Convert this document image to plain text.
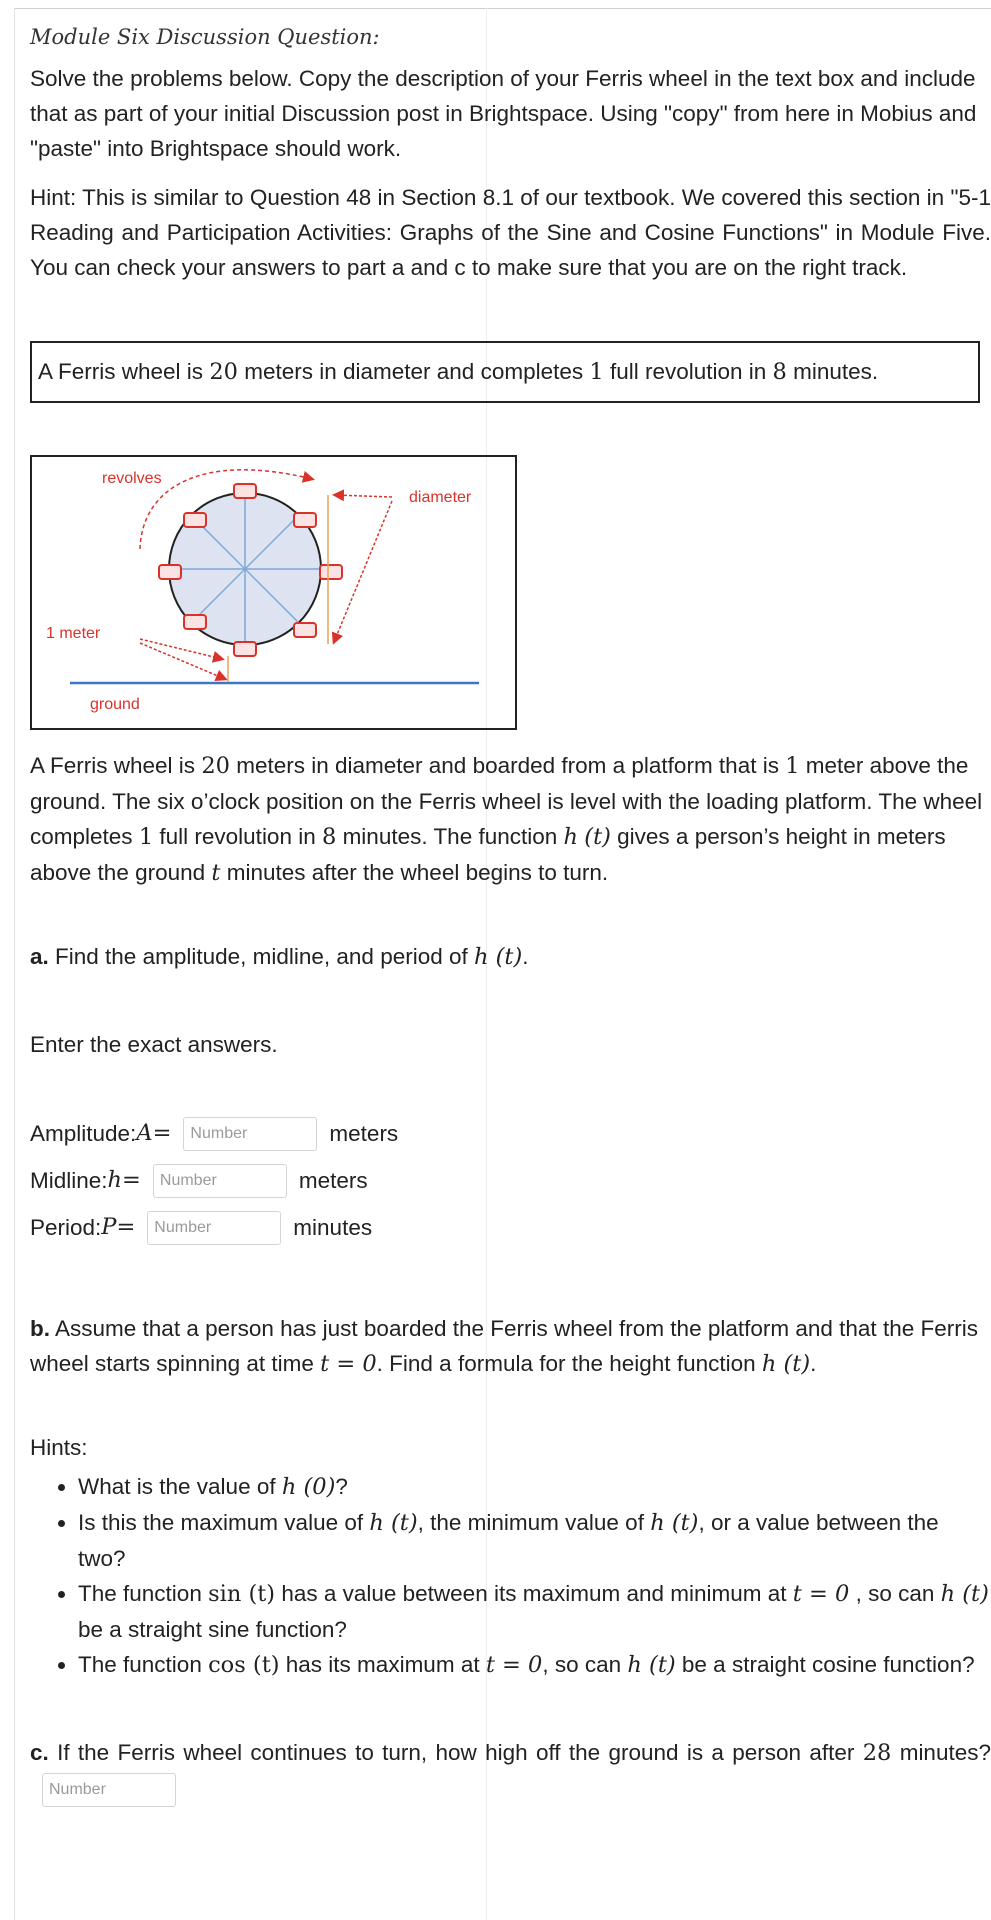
Module Six Discussion Question:

Solve the problems below. Copy the description of your Ferris wheel in the text box and include that as part of your initial Discussion post in Brightspace. Using "copy" from here in Mobius and "paste" into Brightspace should work.

Hint: This is similar to Question 48 in Section 8.1 of our textbook. We covered this section in "5-1 Reading and Participation Activities: Graphs of the Sine and Cosine Functions" in Module Five. You can check your answers to part a and c to make sure that you are on the right track.

A Ferris wheel is 20 meters in diameter and completes 1 full revolution in 8 minutes.
revolves
diameter
1 meter
ground

A Ferris wheel is 20 meters in diameter and boarded from a platform that is 1 meter above the ground. The six o’clock position on the Ferris wheel is level with the loading platform. The wheel completes 1 full revolution in 8 minutes. The function h (t) gives a person’s height in meters above the ground t minutes after the wheel begins to turn.

a. Find the amplitude, midline, and period of h (t).

Enter the exact answers.

Amplitude: A =
Number	meters
Midline: h =
Number	meters
Period: P =
Number	minutes

b. Assume that a person has just boarded the Ferris wheel from the platform and that the Ferris wheel starts spinning at time t = 0. Find a formula for the height function h (t).

Hints:

• What is the value of h (0)?
• Is this the maximum value of h (t), the minimum value of h (t), or a value between the two?
• The function sin (t) has a value between its maximum and minimum at t = 0 , so can h (t) be a straight sine function?
• The function cos (t) has its maximum at t = 0, so can h (t) be a straight cosine function?

c. If the Ferris wheel continues to turn, how high off the ground is a person after 28 minutes?Number
